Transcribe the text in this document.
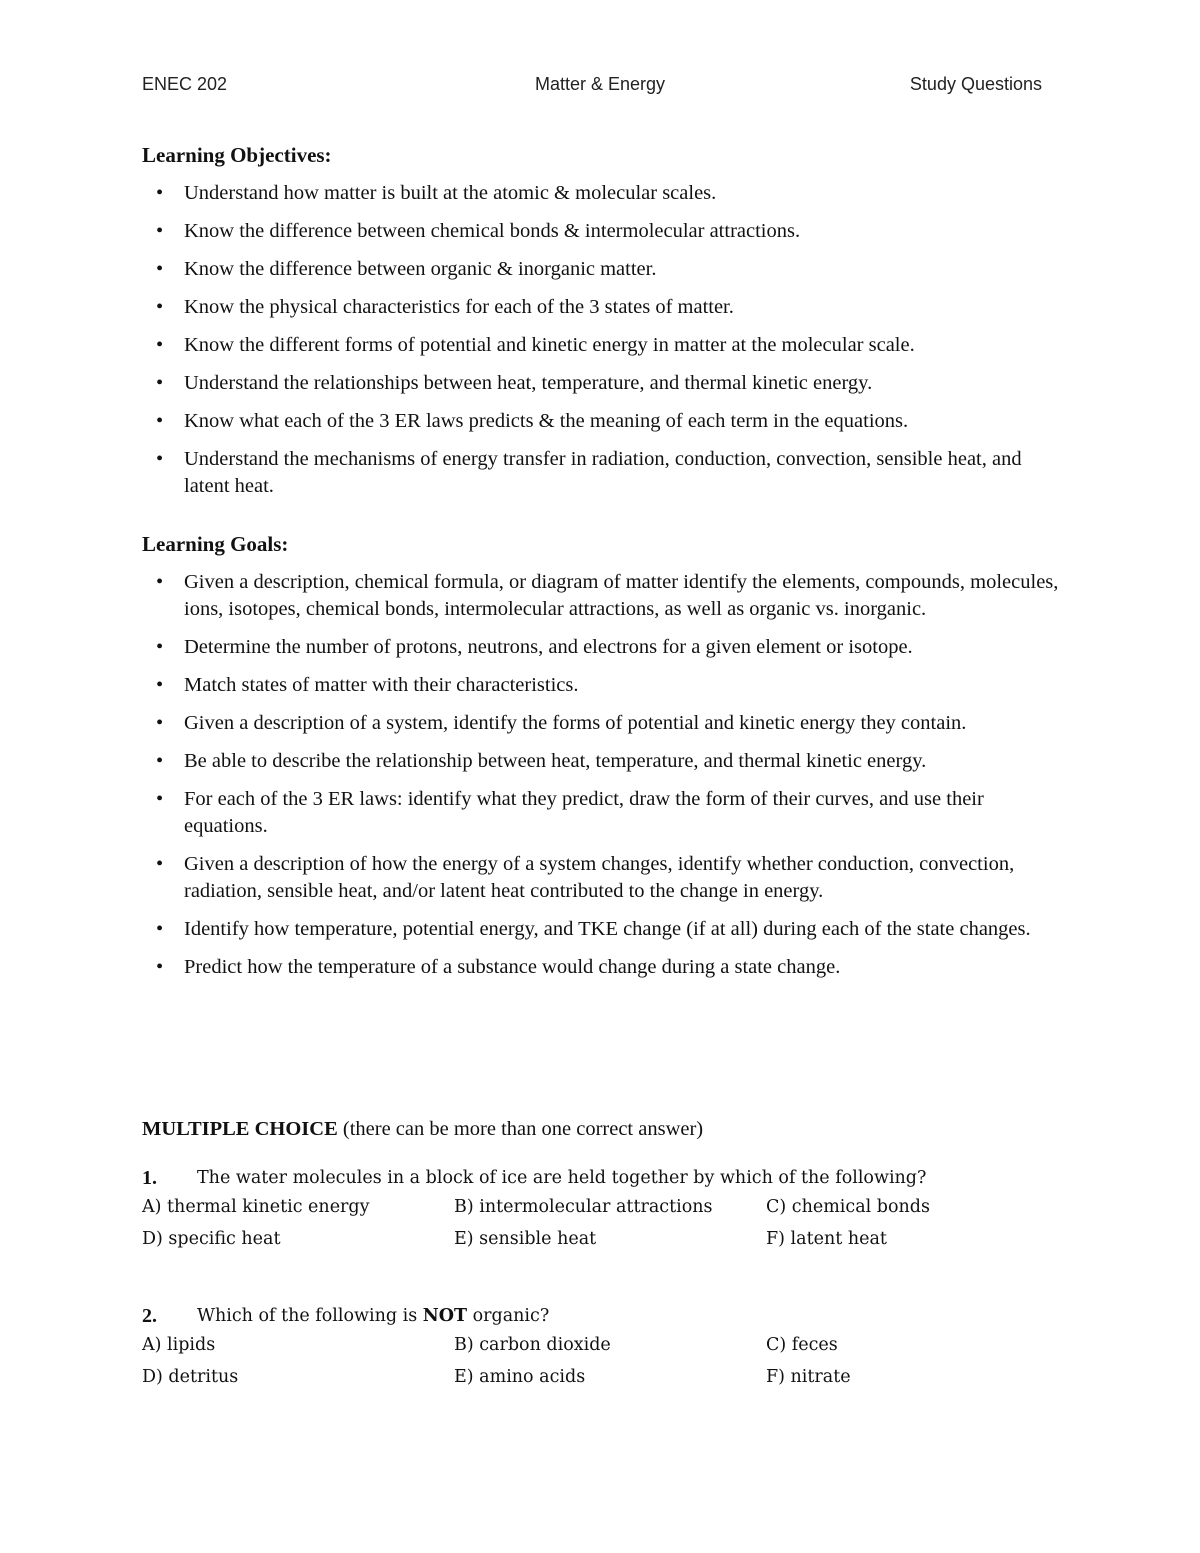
ENEC 202	Matter & Energy	Study Questions
Learning Objectives:
• Understand how matter is built at the atomic & molecular scales.
• Know the difference between chemical bonds & intermolecular attractions.
• Know the difference between organic & inorganic matter.
• Know the physical characteristics for each of the 3 states of matter.
• Know the different forms of potential and kinetic energy in matter at the molecular scale.
• Understand the relationships between heat, temperature, and thermal kinetic energy.
• Know what each of the 3 ER laws predicts & the meaning of each term in the equations.
• Understand the mechanisms of energy transfer in radiation, conduction, convection, sensible heat, and latent heat.
Learning Goals:
• Given a description, chemical formula, or diagram of matter identify the elements, compounds, molecules, ions, isotopes, chemical bonds, intermolecular attractions, as well as organic vs. inorganic.
• Determine the number of protons, neutrons, and electrons for a given element or isotope.
• Match states of matter with their characteristics.
• Given a description of a system, identify the forms of potential and kinetic energy they contain.
• Be able to describe the relationship between heat, temperature, and thermal kinetic energy.
• For each of the 3 ER laws: identify what they predict, draw the form of their curves, and use their equations.
• Given a description of how the energy of a system changes, identify whether conduction, convection, radiation, sensible heat, and/or latent heat contributed to the change in energy.
• Identify how temperature, potential energy, and TKE change (if at all) during each of the state changes.
• Predict how the temperature of a substance would change during a state change.
MULTIPLE CHOICE (there can be more than one correct answer)
1. The water molecules in a block of ice are held together by which of the following?
A) thermal kinetic energy	B) intermolecular attractions	C) chemical bonds
D) specific heat	E) sensible heat	F) latent heat
2. Which of the following is NOT organic?
A) lipids	B) carbon dioxide	C) feces
D) detritus	E) amino acids	F) nitrate
